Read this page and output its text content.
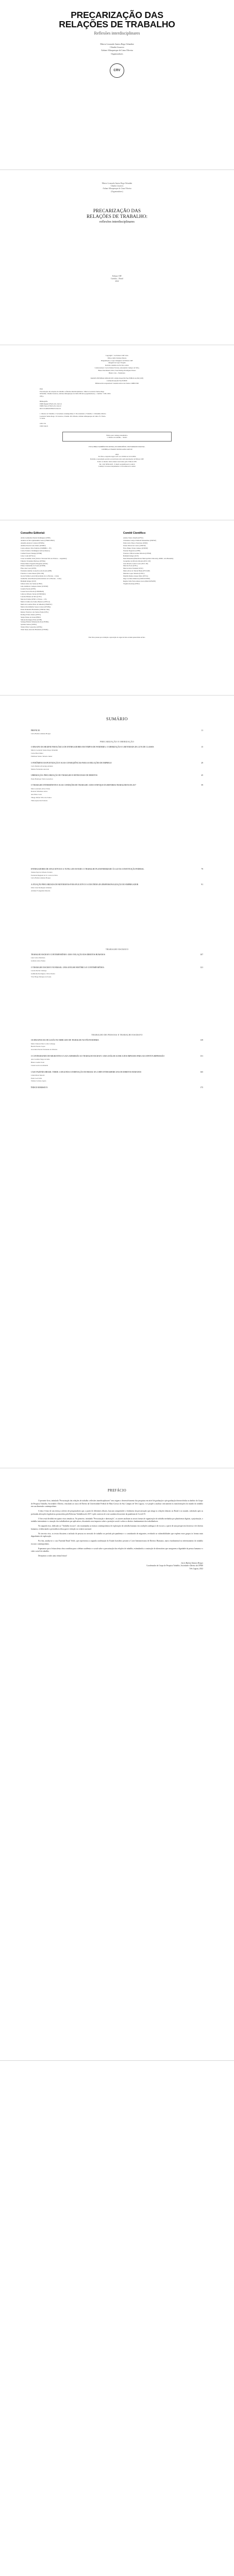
PRECARIZAÇÃO DAS
RELAÇÕES DE TRABALHO
Reflexões interdisciplinares
Márcio Leonardo Santos Rego Orlandini
Cláudia Lissaveo
Airlane Albuquerque de Lima Oliveira
Organizadores
CRV
Márcio Leonardo Santos Rego Orlandini
Cláudia Lissaveo
Airlane Albuquerque de Lima Oliveira
(Organizadores)
PRECARIZAÇÃO DAS
RELAÇÕES DE TRABALHO:
reflexões interdisciplinares
Editora CRV
Curitiba – Brasil
2022
Copyright © da Editora CRV Ltda.
Editor-chefe: Railson Moura
Diagramação e Capa: Designers da Editora CRV
Imagem de Capa: Freepik
Revisão: Analista de Escrita e Artes
Colaboradores: Lucio Dantas Tavares, Alessandra Campos da Silva,
Bruno Nascimento Silva, Ivan Rodrigo Rodrigues Passos
Bianca Lira – Fundadora
DADOS INTERNACIONAIS DE CATALOGAÇÃO NA PUBLICAÇÃO (CIP)
CATALOGAÇÃO NA FONTE
Bibliotecária responsável: Luzenira Alves dos Santos CRB9/1506
P921
Precarização das relações de trabalho: reflexões interdisciplinares / Márcio Leonardo Santos Rego
Orlandini, Cláudia Lissaveo, Airlane Albuquerque de Lima Oliveira (organizadores) – Curitiba : CRV, 2022.
180 p.

Bibliografia
ISBN Digital 978-65-251-3413-6
ISBN Físico 978-65-251-3412-9
DOI 10.24824/978652513412.9

1. Direito do Trabalho 2. Sociedade contemporânea 3. Precariedade 4. Trabalho. I. Orlandini, Márcio
Leonardo Santos Rego. II. Lissaveo, Cláudia. III. Oliveira, Airlane Albuquerque de Lima. IV. Título.
V. Série.

CDU 331
CDD 344.01
Índice para catálogo sistemático
1. Direito do trabalho – 344.01
ESTA OBRA TAMBÉM ENCONTRA-SE DISPONÍVEL EM FORMATO DIGITAL.
CONHEÇA E BAIXE NOSSO APLICATIVO!

2022
Foi feito o depósito legal conf. Lei 10.994 de 14/12/2004
Proibida a reprodução parcial ou total desta obra sem autorização da Editora CRV
Todos os direitos desta edição reservados pela: Editora CRV
Tel.: (41) 3039-6418 – E-mail: sac@editoracrv.com.br
Conheça os nossos lançamentos: www.editoracrv.com.br
Conselho Editorial:
Aldira Guimarães Duarte Domínguez (UNB)
Andréia da Silva Quintanilha Sousa (UNIR/UFRN)
Anselmo Alencar Colares (UFOPA)
Antônio Pereira Gaio Júnior (UFRRJ)
Carlos Alberto Vilar Estêvão (UMINHO – PT)
Carlos Federico Dominguez Avila (Unieuro)
Carmen Tereza Velanga (UNIR)
Celso Conti (UFSCar)
Cesar Gerónimo Tello (Univer. Nacional Três de Febrero – Argentina)
Eduardo Fernandes Barbosa (UFMG)
Elione Maria Nogueira Diogenes (UFAL)
Elizeu Clementino de Souza (UNEB)
Élsio José Corá (UFFS)
Fernando Antônio Gonçalves Alcoforado (IPB)
Francisco Carlos Duarte (PUC-PR)
Gloria Fariñas León (Universidade de La Havana – Cuba)
Guillermo Arias Beatón (Universidade de La Havana – Cuba)
Helmuth Krüger (UCP)
Jailson Alves dos Santos (UFRJ)
João Adalberto Campato Junior (UNESP)
Josania Portela (UFPI)
Leonel Severo Rocha (UNISINOS)
Lídia de Oliveira Xavier (UNIEURO)
Lourdes Helena da Silva (UFV)
Marcelo Paixão (UFRJ e UTexas – US)
Maria Cristina dos Santos Bezerra (UFSCar)
Maria de Lourdes Pinto de Almeida (UNOESC)
Maria Lília Imbiriba Sousa Colares (UFOPA)
Paulo Romualdo Hernandes (UNIFAL-MG)
Renato Francisco dos Santos Paula (UFG)
Rodrigo Pratte-Santos (UFES)
Sérgio Nunes de Jesus (IFRO)
Simone Rodrigues Pinto (UNB)
Solange Helena Ximenes-Rocha (UFOPA)
Sydione Santos (UEPG)
Tadeu Oliver Gonçalves (UFPA)
Tania Suely Azevedo Brasileiro (UFOPA)
Comitê Científico:
Andrea Vieira Zanella (UFSC)
Christiane Carrijo Eckhardt Mouammar (UNESP)
Edna Lúcia Tinoco Ponciano (UERJ)
Edson Olivari de Castro (UNESP)
Érico Bruno Viana Campos (UNESP)
Fauston Negreiros (UFPI)
Francisco Nilton Gomes Oliveira (UFSM)
Helmuth Krüger (UCP)
Ilana Mountian (Manchester Metropolitan University, MMU, Grã-Bretanha)
Jacqueline de Oliveira Moreira (PUC-SP)
João Ricardo Lebert Cozac (PUC-SP)
Marcelo Porto (UEG)
Marcia Alves Tassinari (USU)
Maria Alves de Toledo Bruns (FFCLRP)
Mariana Lopez Teixeira (UFSC)
Monilly Ramos Araujo Melo (UFCG)
Olga Ceciliato Mattioli (ASSIS/UNESP)
Regina Célia Faria Amaro Giora (MACKENZIE)
Virgínia Kastrup (UFRJ)
Este livro passou por avaliação e aprovação às cegas de dois ou mais pareceristas ad hoc.
SUMÁRIO
PREFÁCIO
Lúcio Batista Antunes Borges
11
PRECARIZAÇÃO E OBERIZAÇÃO
O DESAFIO DA HIGIENE FISIOLÓGICA DE ENTREGADORES EM TEMPOS DE PANDEMIA: O UBERIZAÇÃO E A RETOMADA DA LUTA DE CLASSES
Márcio Leonardo Santos Rego Orlandini
Carlos Bozi Júnior
Edmílson Santos Teixeira Junior
15
O FENÔMENO DA PEJOTIZAÇÃO E SUAS CONSEQUÊNCIAS PARA AS RELAÇÕES DE EMPREGO
Carla Daniela Alvarenga Antunes
Marina Fernandes Azevedo
29
UBERIZAÇÃO: PRECARIZAÇÃO DO TRABALHO E RETROCESSO DE DIREITOS
Paulo Henrique Vieira Gonçalves
45
O TRABALHO INTERMITENTE E SUAS CONDIÇÕES DE TRABALHO: SOB O ENFOQUE DA REFORMA TRABALHISTA DE 2017
Marcos Antonio Alves Viana
Roberta Valladares Alves
Ana Nísia Costa
Thiago Rafael Silva dos Santos
Tânia Aparecida Teixeira
59
ENTREGADORES DE APLICATIVOS E A TUTELA DO ESTADO: O TRABALHO PLATAFORMIZADO À LUZ DA CONSTITUIÇÃO FEDERAL
Tatiana Pepi de Oliveira Ferreira
Fernanda Magnani de O. Cortes da Silva
Lúcio Batista Antunes Borges
79
A ATUAÇÃO PRECARIZADA DE MOTORISTAS POR APLICATIVO E A DOUTRINA DA DESPERSONALIZAÇÃO DO EMPREGADOR
Júlio César Rodrigues Gimenes
Adrielly Evangelista Moreira
91
TRABALHO ESCRAVO
TRABALHO ESCRAVO CONTEMPORÂNEO: UMA VIOLAÇÃO DOS DIREITOS HUMANOS
Luiz Carlos Machado
Gabriela Alves Nunes
107
O TRABALHO ESCRAVO NO BRASIL: UMA ANÁLISE HISTÓRICA E CONTEMPORÂNEA
Lorena Rocha Camargo
Guilherme Rodrigues e Silva Pereira
Vitor Braga Marques de Souza
121
TRABALHO DE PESSOAS E TRABALHO ESCRAVO
OS DESAFIOS DA INCLUSÃO NO MERCADO DE TRABALHO NA PÓS-PANDEMIA
Maria Vanessa Dias Corrêa Camargo
Beatriz Pereira Lopes
Giovanna Pereira Fernandes de Oliveira
139
O CONTRABANDO DE MIGRANTES E A SUA SUBMISSÃO AO TRABALHO ESCRAVO: UMA ANÁLISE ACERCA DOS IMPASSES PARA SUA EFETIVA REPRESSÃO
Ana Carolina Veiga de Lima
Bianca Gomes Soler
Cássia Garcia de Almeida
151
CASO FAZENDA BRASIL VERDE: A SEGUNDA CONDENAÇÃO DO BRASIL NA CORTE INTERAMERICANA DE DIREITOS HUMANOS
Lilian Maria Moretti
Paulo Leal Lima
Tatiane Cardozo Apolo
165
ÍNDICE REMISSIVO	175
PREFÁCIO

O presente livro, intitulado "Precarização das relações de trabalho: reflexões interdisciplinares" tem origem o desenvolvimento das pesquisas em nível de graduação e pós-graduação desenvolvidas no âmbito do Grupo de Pesquisa Trabalho, Sociedade e Direito, vinculado ao curso de Direito da Universidade Federal de Mato Grosso do Sul, Campus de Três Lagoas, e se propõe a analisar criticamente as transformações do mundo do trabalho em sua dimensão contemporânea.

A obra é fruto de um esforço coletivo de pesquisadores que, a partir de diferentes olhares, buscam compreender o fenômeno da precarização que atinge as relações laborais no Brasil e no mundo, sobretudo após as profundas alterações legislativas promovidas pela Reforma Trabalhista de 2017 e pelo contexto de crise sanitária decorrente da pandemia de Covid-19.

O livro está dividido em quatro eixos temáticos. No primeiro, intitulado "Precarização e uberização", os autores analisam as novas formas de organização do trabalho mediadas por plataformas digitais, a pejotização, o trabalho intermitente e a atuação dos trabalhadores por aplicativos, discutindo seus impactos sobre a proteção social e sobre os direitos fundamentais dos trabalhadores.

No segundo eixo, dedicado ao "Trabalho escravo", são examinadas as formas contemporâneas de exploração do trabalho humano em condições análogas à de escravo, a partir de uma perspectiva histórica e de direitos humanos, evidenciando a persistência dessa grave violação no cenário nacional.

No terceiro eixo, os textos discutem a inclusão de pessoas no mercado de trabalho no período pós-pandemia e o contrabando de migrantes, revelando as vulnerabilidades que expõem esses grupos às formas mais degradantes de exploração.

Por fim, analisa-se o caso Fazenda Brasil Verde, que representou a segunda condenação do Estado brasileiro perante a Corte Interamericana de Direitos Humanos, marco fundamental no enfrentamento do trabalho escravo contemporâneo.

Esperamos que a leitura desta obra contribua para o debate acadêmico e social sobre a precarização das relações de trabalho, estimulando a construção de alternativas que assegurem a dignidade da pessoa humana e o valor social do trabalho.

Desejamos a todos uma ótima leitura!

Lúcio Batista Antunes Borges
Coordenador do Grupo de Pesquisa Trabalho, Sociedade e Direito da UFMS
Três Lagoas, 2022
